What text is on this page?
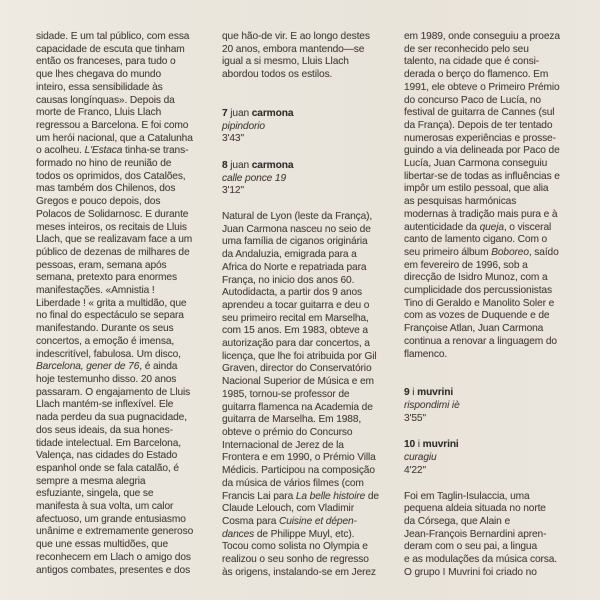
sidade. E um tal público, com essa
capacidade de escuta que tinham
então os franceses, para tudo o
que lhes chegava do mundo
inteiro, essa sensibilidade às
causas longínquas». Depois da
morte de Franco, Lluis Llach
regressou a Barcelona. E foi como
um herói nacional, que a Catalunha
o acolheu. L'Estaca tinha-se trans-
formado no hino de reunião de
todos os oprimidos, dos Catalões,
mas também dos Chilenos, dos
Gregos e pouco depois, dos
Polacos de Solidarnosc. E durante
meses inteiros, os recitais de Lluis
Llach, que se realizavam face a um
público de dezenas de milhares de
pessoas, eram, semana após
semana, pretexto para enormes
manifestações. «Amnistia !
Liberdade ! « grita a multidão, que
no final do espectáculo se separa
manifestando. Durante os seus
concertos, a emoção é imensa,
indescritível, fabulosa. Um disco,
Barcelona, gener de 76, é ainda
hoje testemunho disso. 20 anos
passaram. O engajamento de Lluis
Llach mantém-se inflexível. Ele
nada perdeu da sua pugnacidade,
dos seus ideais, da sua hones-
tidade intelectual. Em Barcelona,
Valença, nas cidades do Estado
espanhol onde se fala catalão, é
sempre a mesma alegria
esfuziante, singela, que se
manifesta à sua volta, um calor
afectuoso, um grande entusiasmo
unânime e extremamente generoso
que une essas multidões, que
reconhecem em Llach o amigo dos
antigos combates, presentes e dos
que hão-de vir. E ao longo destes
20 anos, embora mantendo—se
igual a si mesmo, Lluis Llach
abordou todos os estilos.
7 juan carmona
pipindorio
3'43"
8 juan carmona
calle ponce 19
3'12"
Natural de Lyon (leste da França),
Juan Carmona nasceu no seio de
uma família de ciganos originária
da Andaluzia, emigrada para a
Africa do Norte e repatriada para
França, no inicio dos anos 60.
Autodidacta, a partir dos 9 anos
aprendeu a tocar guitarra e deu o
seu primeiro recital em Marselha,
com 15 anos. Em 1983, obteve a
autorização para dar concertos, a
licença, que lhe foi atribuida por Gil
Graven, director do Conservatório
Nacional Superior de Música e em
1985, tornou-se professor de
guitarra flamenca na Academia de
guitarra de Marselha. Em 1988,
obteve o prémio do Concurso
Internacional de Jerez de la
Frontera e em 1990, o Prémio Villa
Médicis. Participou na composição
da música de vários filmes (com
Francis Lai para La belle histoire de
Claude Lelouch, com Vladimir
Cosma para Cuisine et dépen-
dances de Philippe Muyl, etc).
Tocou como solista no Olympia e
realizou o seu sonho de regresso
às origens, instalando-se em Jerez
em 1989, onde conseguiu a proeza
de ser reconhecido pelo seu
talento, na cidade que é consi-
derada o berço do flamenco. Em
1991, ele obteve o Primeiro Prémio
do concurso Paco de Lucía, no
festival de guitarra de Cannes (sul
da França). Depois de ter tentado
numerosas experiências e prosse-
guindo a via delineada por Paco de
Lucía, Juan Carmona conseguiu
libertar-se de todas as influências e
impôr um estilo pessoal, que alia
as pesquisas harmónicas
modernas à tradição mais pura e à
autenticidade da queja, o visceral
canto de lamento cigano. Com o
seu primeiro álbum Boboreo, saído
em fevereiro de 1996, sob a
direcção de Isidro Munoz, com a
cumplicidade dos percussionistas
Tino di Geraldo e Manolito Soler e
com as vozes de Duquende e de
Françoise Atlan, Juan Carmona
continua a renovar a linguagem do
flamenco.
9 i muvrini
rispondimi iè
3'55"
10 i muvrini
curagiu
4'22"
Foi em Taglin-Isulaccia, uma
pequena aldeia situada no norte
da Córsega, que Alain e
Jean-François Bernardini apren-
deram com o seu pai, a lingua
e as modulações da música corsa.
O grupo I Muvrini foi criado no
